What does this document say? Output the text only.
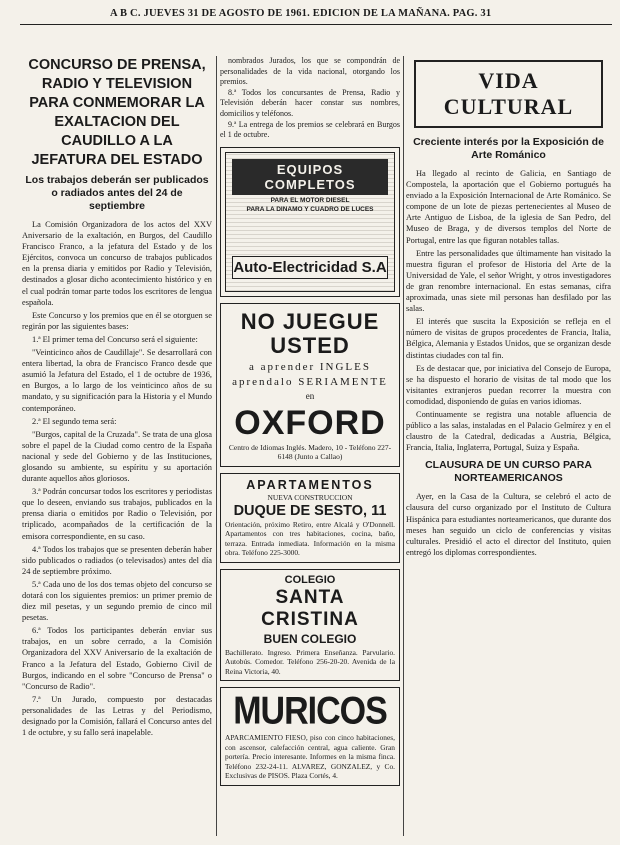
A B C. JUEVES 31 DE AGOSTO DE 1961. EDICION DE LA MAÑANA. PAG. 31
CONCURSO DE PRENSA, RADIO Y TELEVISION PARA CONMEMORAR LA EXALTACION DEL CAUDILLO A LA JEFATURA DEL ESTADO
Los trabajos deberán ser publicados o radiados antes del 24 de septiembre

La Comisión Organizadora de los actos del XXV Aniversario de la exaltación, en Burgos, del Caudillo Francisco Franco, a la jefatura del Estado y de los Ejércitos, convoca un concurso de trabajos publicados en la prensa diaria y emitidos por Radio y Televisión, destinados a glosar dicho acontecimiento histórico y en el cual podrán tomar parte todos los escritores de lengua española.

Este Concurso y los premios que en él se otorguen se regirán por las siguientes bases:

1.ª El primer tema del Concurso será el siguiente:

"Veinticinco años de Caudillaje". Se desarrollará con entera libertad, la obra de Francisco Franco desde que asumió la Jefatura del Estado, el 1 de octubre de 1936, en Burgos, a lo largo de los veinticinco años de su mandato, y su significación para la Historia y el Mundo contemporáneo.

2.ª El segundo tema será:

"Burgos, capital de la Cruzada". Se trata de una glosa sobre el papel de la Ciudad como centro de la España nacional y sede del Gobierno y de las Instituciones, glosando su ambiente, su espíritu y su aportación durante aquellos años gloriosos.

3.ª Podrán concursar todos los escritores y periodistas que lo deseen, enviando sus trabajos, publicados en la prensa diaria o emitidos por Radio o Televisión, por triplicado, acompañados de la certificación de la emisora correspondiente, en su caso.

4.ª Todos los trabajos que se presenten deberán haber sido publicados o radiados (o televisados) antes del día 24 de septiembre próximo.

5.ª Cada uno de los dos temas objeto del concurso se dotará con los siguientes premios: un primer premio de diez mil pesetas, y un segundo premio de cinco mil pesetas.

6.ª Todos los participantes deberán enviar sus trabajos, en un sobre cerrado, a la Comisión Organizadora del XXV Aniversario de la exaltación de Franco a la Jefatura del Estado, Gobierno Civil de Burgos, indicando en el sobre "Concurso de Prensa" o "Concurso de Radio".

7.ª Un Jurado, compuesto por destacadas personalidades de las Letras y del Periodismo, designado por la Comisión, fallará el Concurso antes del 1 de octubre, y su fallo será inapelable.

nombrados Jurados, los que se compondrán de personalidades de la vida nacional, otorgando los premios.

8.ª Todos los concursantes de Prensa, Radio y Televisión deberán hacer constar sus nombres, domicilios y teléfonos.

9.ª La entrega de los premios se celebrará en Burgos el 1 de octubre.

EQUIPOS COMPLETOS
PARA EL MOTOR DIESEL
PARA LA DINAMO Y CUADRO DE LUCES
Auto-Electricidad S.A

NO JUEGUE

USTED

a aprender INGLES

aprendalo SERIAMENTE

en

OXFORD

Centro de Idiomas Inglés. Madero, 10 - Teléfono 227-6148 (Junto a Callao)

APARTAMENTOS

NUEVA CONSTRUCCION

DUQUE DE SESTO, 11

Orientación, próximo Retiro, entre Alcalá y O'Donnell. Apartamentos con tres habitaciones, cocina, baño, terraza. Entrada inmediata. Información en la misma obra. Teléfono 225-3000.

COLEGIO

SANTA CRISTINA

BUEN COLEGIO

Bachillerato. Ingreso. Primera Enseñanza. Parvulario. Autobús. Comedor. Teléfono 256-20-20. Avenida de la Reina Victoria, 40.

MURICOS

APARCAMIENTO FIESO, piso con cinco habitaciones, con ascensor, calefacción central, agua caliente. Gran portería. Precio interesante. Informes en la misma finca. Teléfono 232-24-11. ALVAREZ, GONZALEZ, y Co. Exclusivas de PISOS. Plaza Cortés, 4.

VIDA CULTURAL
Creciente interés por la Exposición de Arte Románico

Ha llegado al recinto de Galicia, en Santiago de Compostela, la aportación que el Gobierno portugués ha enviado a la Exposición Internacional de Arte Románico. Se compone de un lote de piezas pertenecientes al Museo de Arte Antiguo de Lisboa, de la iglesia de San Pedro, del Museo de Braga, y de diversos templos del Norte de Portugal, entre las que figuran notables tallas.

Entre las personalidades que últimamente han visitado la muestra figuran el profesor de Historia del Arte de la Universidad de Yale, el señor Wright, y otros investigadores de gran renombre internacional. En estas semanas, cifra aproximada, unas siete mil personas han desfilado por las salas.

El interés que suscita la Exposición se refleja en el número de visitas de grupos procedentes de Francia, Italia, Bélgica, Alemania y Estados Unidos, que se organizan desde distintas ciudades con tal fin.

Es de destacar que, por iniciativa del Consejo de Europa, se ha dispuesto el horario de visitas de tal modo que los visitantes extranjeros puedan recorrer la muestra con comodidad, disponiendo de guías en varios idiomas.

Continuamente se registra una notable afluencia de público a las salas, instaladas en el Palacio Gelmírez y en el claustro de la Catedral, dedicadas a Austria, Bélgica, Francia, Italia, Inglaterra, Portugal, Suiza y España.

CLAUSURA DE UN CURSO PARA NORTEAMERICANOS

Ayer, en la Casa de la Cultura, se celebró el acto de clausura del curso organizado por el Instituto de Cultura Hispánica para estudiantes norteamericanos, que durante dos meses han seguido un ciclo de conferencias y visitas culturales. Presidió el acto el director del Instituto, quien entregó los diplomas correspondientes.
